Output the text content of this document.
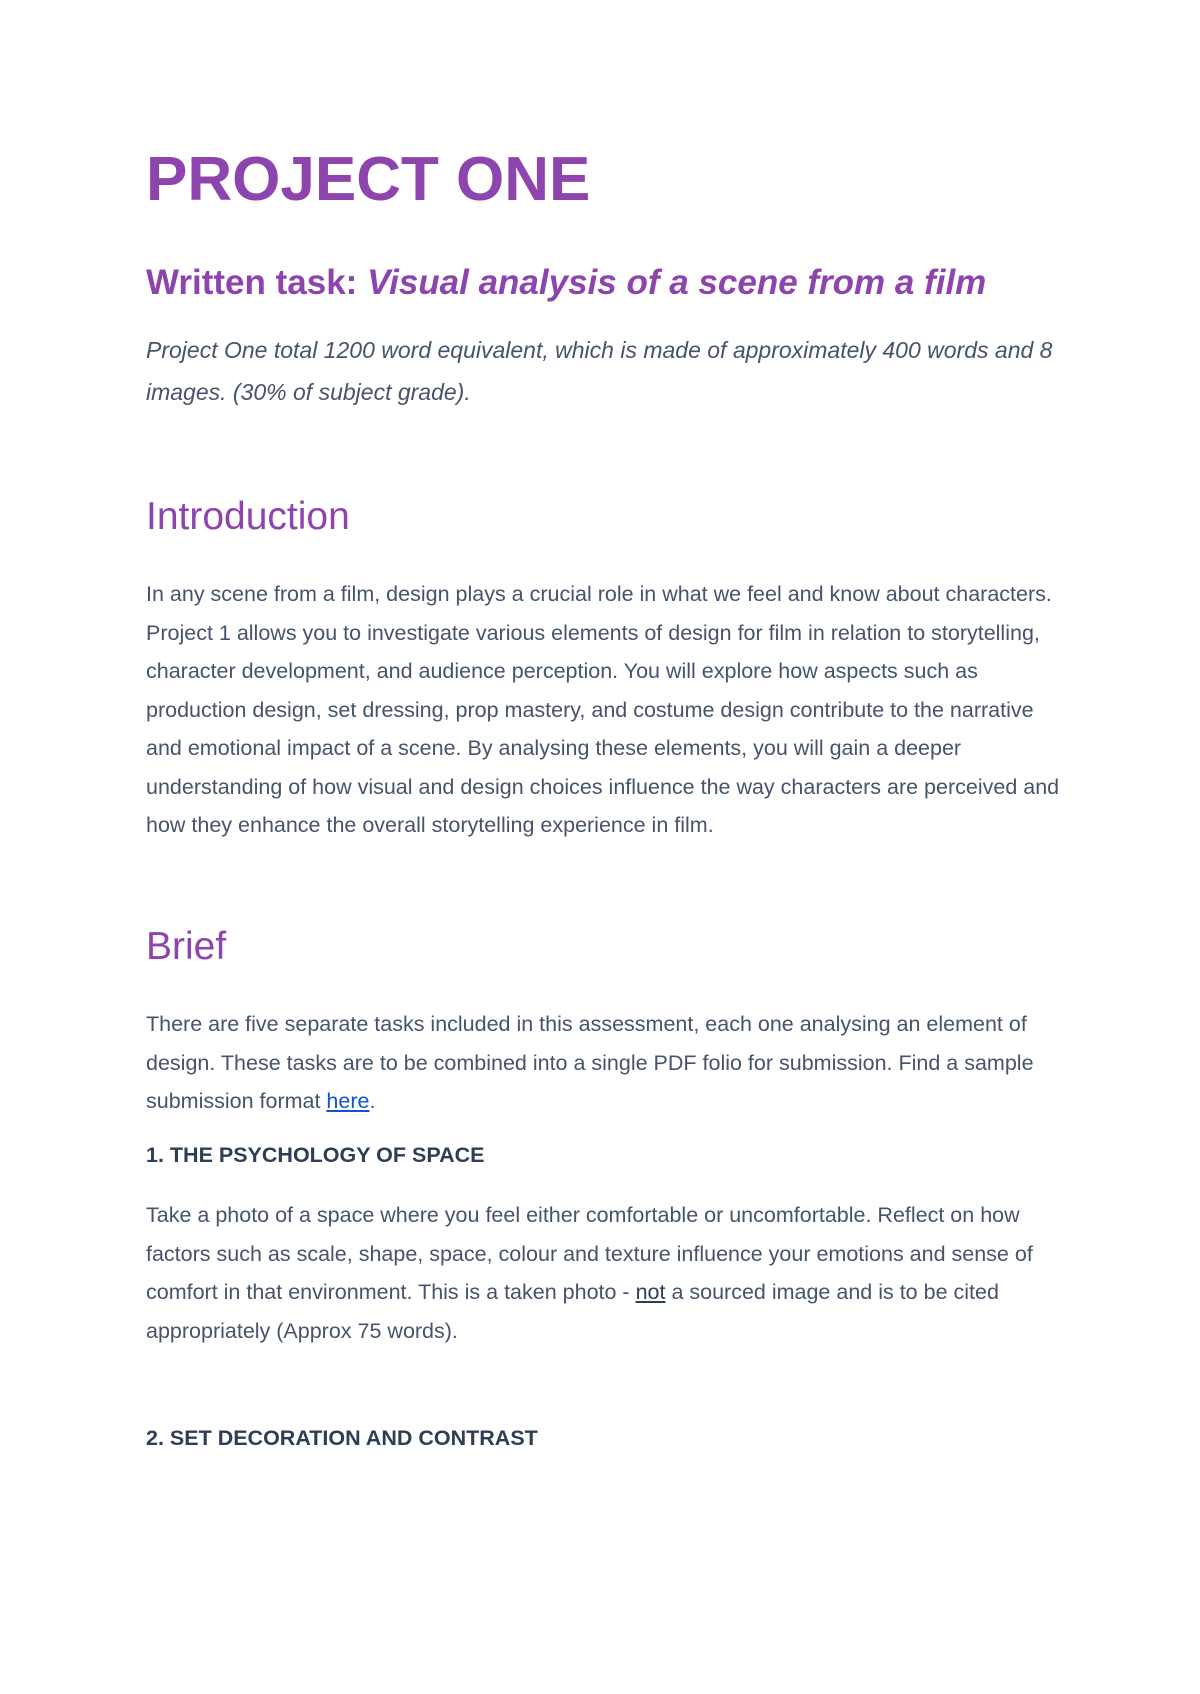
PROJECT ONE
Written task: Visual analysis of a scene from a film

Project One total 1200 word equivalent, which is made of approximately 400 words and 8 images. (30% of subject grade).

Introduction

In any scene from a film, design plays a crucial role in what we feel and know about characters. Project 1 allows you to investigate various elements of design for film in relation to storytelling, character development, and audience perception. You will explore how aspects such as production design, set dressing, prop mastery, and costume design contribute to the narrative and emotional impact of a scene. By analysing these elements, you will gain a deeper understanding of how visual and design choices influence the way characters are perceived and how they enhance the overall storytelling experience in film.

Brief

There are five separate tasks included in this assessment, each one analysing an element of design. These tasks are to be combined into a single PDF folio for submission. Find a sample submission format here.

1. THE PSYCHOLOGY OF SPACE

Take a photo of a space where you feel either comfortable or uncomfortable. Reflect on how factors such as scale, shape, space, colour and texture influence your emotions and sense of comfort in that environment. This is a taken photo - not a sourced image and is to be cited appropriately (Approx 75 words).

2. SET DECORATION AND CONTRAST
